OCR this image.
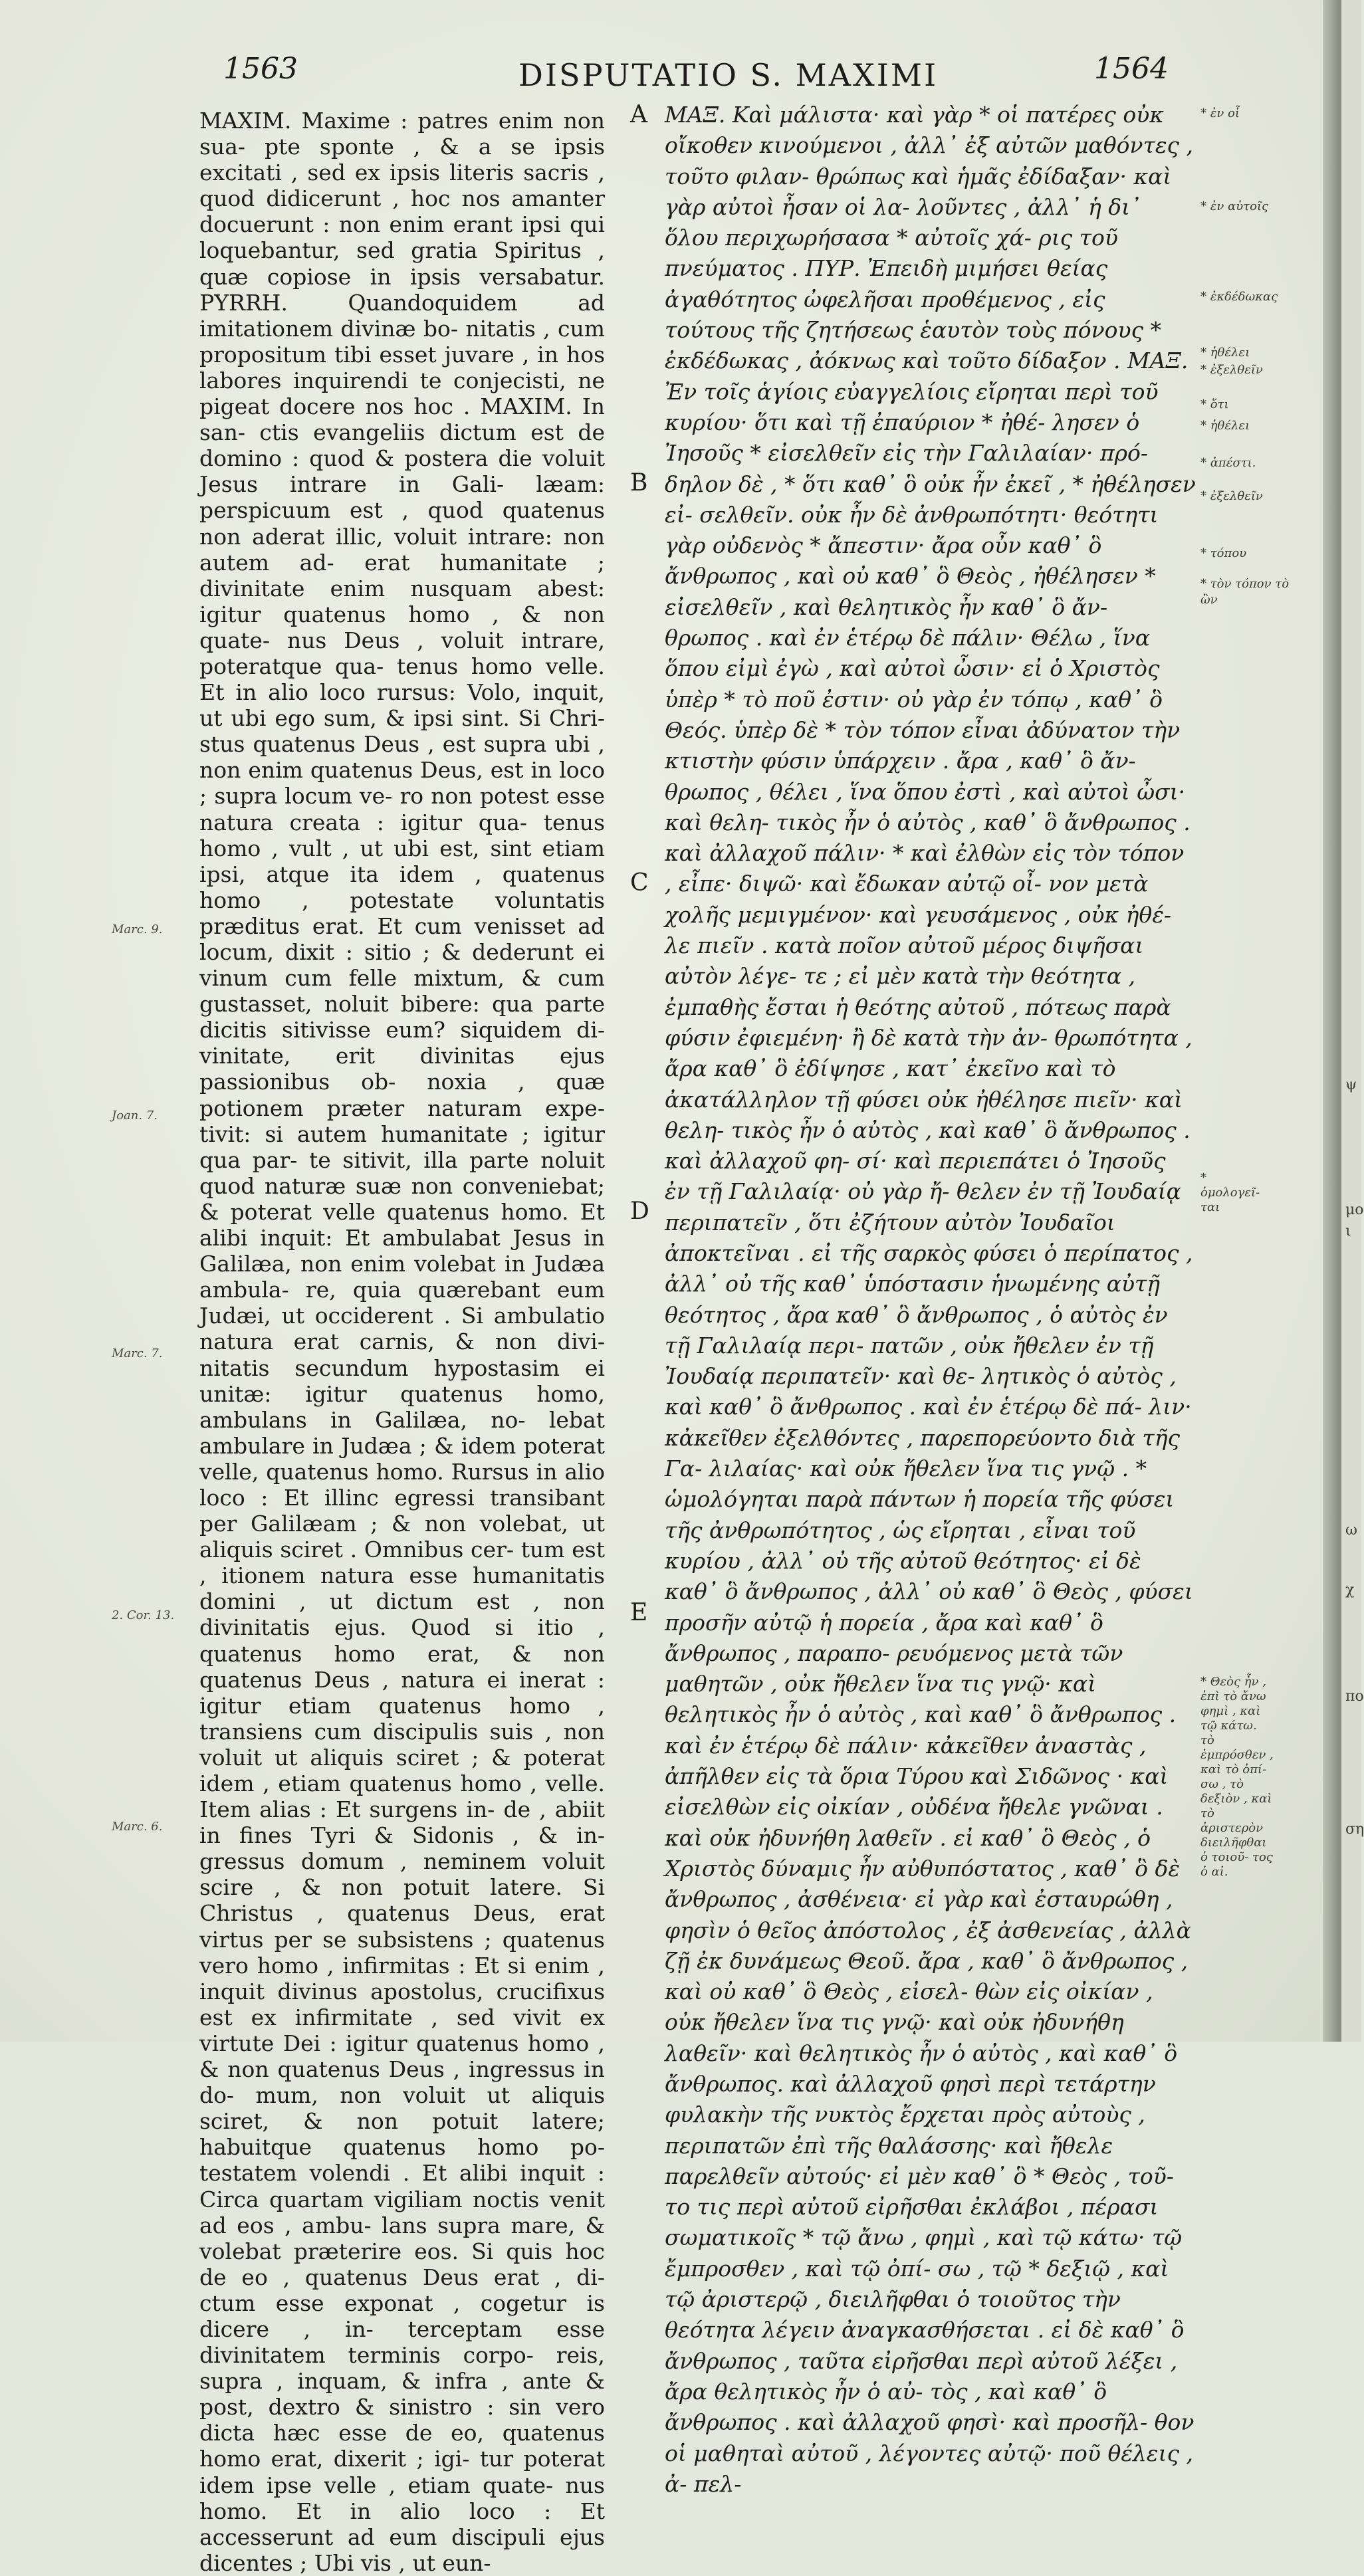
1563	DISPUTATIO S. MAXIMI	1564
Marc. 9.
Joan. 7.
Marc. 7.
2. Cor. 13.
Marc. 6.

MAXIM. Maxime : patres enim non sua- pte sponte , & a se ipsis excitati , sed ex ipsis literis sacris , quod didicerunt , hoc nos amanter docuerunt : non enim erant ipsi qui loquebantur, sed gratia Spiritus , quæ copiose in ipsis versabatur. PYRRH. Quandoquidem ad imitationem divinæ bo- nitatis , cum propositum tibi esset juvare , in hos labores inquirendi te conjecisti, ne pigeat docere nos hoc . MAXIM. In san- ctis evangeliis dictum est de domino : quod & postera die voluit Jesus intrare in Gali- læam: perspicuum est , quod quatenus non aderat illic, voluit intrare: non autem ad- erat humanitate ; divinitate enim nusquam abest: igitur quatenus homo , & non quate- nus Deus , voluit intrare, poteratque qua- tenus homo velle. Et in alio loco rursus: Volo, inquit, ut ubi ego sum, & ipsi sint. Si Chri- stus quatenus Deus , est supra ubi , non enim quatenus Deus, est in loco ; supra locum ve- ro non potest esse natura creata : igitur qua- tenus homo , vult , ut ubi est, sint etiam ipsi, atque ita idem , quatenus homo , potestate voluntatis præditus erat. Et cum venisset ad locum, dixit : sitio ; & dederunt ei vinum cum felle mixtum, & cum gustasset, noluit bibere: qua parte dicitis sitivisse eum? siquidem di- vinitate, erit divinitas ejus passionibus ob- noxia , quæ potionem præter naturam expe- tivit: si autem humanitate ; igitur qua par- te sitivit, illa parte noluit quod naturæ suæ non conveniebat; & poterat velle quatenus homo. Et alibi inquit: Et ambulabat Jesus in Galilæa, non enim volebat in Judæa ambula- re, quia quærebant eum Judæi, ut occiderent . Si ambulatio natura erat carnis, & non divi- nitatis secundum hypostasim ei unitæ: igitur quatenus homo, ambulans in Galilæa, no- lebat ambulare in Judæa ; & idem poterat velle, quatenus homo. Rursus in alio loco : Et illinc egressi transibant per Galilæam ; & non volebat, ut aliquis sciret . Omnibus cer- tum est , itionem natura esse humanitatis domini , ut dictum est , non divinitatis ejus. Quod si itio , quatenus homo erat, & non quatenus Deus , natura ei inerat : igitur etiam quatenus homo , transiens cum discipulis suis , non voluit ut aliquis sciret ; & poterat idem , etiam quatenus homo , velle. Item alias : Et surgens in- de , abiit in fines Tyri & Sidonis , & in- gressus domum , neminem voluit scire , & non potuit latere. Si Christus , quatenus Deus, erat virtus per se subsistens ; quatenus vero homo , infirmitas : Et si enim , inquit divinus apostolus, crucifixus est ex infirmitate , sed vivit ex virtute Dei : igitur quatenus homo , & non quatenus Deus , ingressus in do- mum, non voluit ut aliquis sciret, & non potuit latere; habuitque quatenus homo po- testatem volendi . Et alibi inquit : Circa quartam vigiliam noctis venit ad eos , ambu- lans supra mare, & volebat præterire eos. Si quis hoc de eo , quatenus Deus erat , di- ctum esse exponat , cogetur is dicere , in- terceptam esse divinitatem terminis corpo- reis, supra , inquam, & infra , ante & post, dextro & sinistro : sin vero dicta hæc esse de eo, quatenus homo erat, dixerit ; igi- tur poterat idem ipse velle , etiam quate- nus homo. Et in alio loco : Et accesserunt ad eum discipuli ejus dicentes ; Ubi vis , ut eun-

A
B
C
D
E

ΜΑΞ. Καὶ μάλιστα· καὶ γὰρ * οἱ πατέρες οὐκ οἴκοθεν κινούμενοι , ἀλλ᾽ ἐξ αὐτῶν μαθόντες , τοῦτο φιλαν- θρώπως καὶ ἡμᾶς ἐδίδαξαν· καὶ γὰρ αὐτοὶ ἦσαν οἱ λα- λοῦντες , ἀλλ᾽ ἡ δι᾽ ὅλου περιχωρήσασα * αὐτοῖς χά- ρις τοῦ πνεύματος . ΠΥΡ. Ἐπειδὴ μιμήσει θείας ἀγαθότητος ὠφελῆσαι προθέμενος , εἰς τούτους τῆς ζητήσεως ἑαυτὸν τοὺς πόνους * ἐκδέδωκας , ἀόκνως καὶ τοῦτο δίδαξον . ΜΑΞ. Ἐν τοῖς ἁγίοις εὐαγγελίοις εἴρηται περὶ τοῦ κυρίου· ὅτι καὶ τῇ ἐπαύριον * ἠθέ- λησεν ὁ Ἰησοῦς * εἰσελθεῖν εἰς τὴν Γαλιλαίαν· πρό- δηλον δὲ , * ὅτι καθ᾽ ὃ οὐκ ἦν ἐκεῖ , * ἠθέλησεν εἰ- σελθεῖν. οὐκ ἦν δὲ ἀνθρωπότητι· θεότητι γὰρ οὐδενὸς * ἄπεστιν· ἄρα οὖν καθ᾽ ὃ ἄνθρωπος , καὶ οὐ καθ᾽ ὃ Θεὸς , ἠθέλησεν * εἰσελθεῖν , καὶ θελητικὸς ἦν καθ᾽ ὃ ἄν- θρωπος . καὶ ἐν ἑτέρῳ δὲ πάλιν· Θέλω , ἵνα ὅπου εἰμὶ ἐγὼ , καὶ αὐτοὶ ὦσιν· εἰ ὁ Χριστὸς ὑπὲρ * τὸ ποῦ ἐστιν· οὐ γὰρ ἐν τόπῳ , καθ᾽ ὃ Θεός. ὑπὲρ δὲ * τὸν τόπον εἶναι ἀδύνατον τὴν κτιστὴν φύσιν ὑπάρχειν . ἄρα , καθ᾽ ὃ ἄν- θρωπος , θέλει , ἵνα ὅπου ἐστὶ , καὶ αὐτοὶ ὦσι· καὶ θελη- τικὸς ἦν ὁ αὐτὸς , καθ᾽ ὃ ἄνθρωπος . καὶ ἀλλαχοῦ πάλιν· * καὶ ἐλθὼν εἰς τὸν τόπον , εἶπε· διψῶ· καὶ ἔδωκαν αὐτῷ οἶ- νον μετὰ χολῆς μεμιγμένον· καὶ γευσάμενος , οὐκ ἠθέ- λε πιεῖν . κατὰ ποῖον αὐτοῦ μέρος διψῆσαι αὐτὸν λέγε- τε ; εἰ μὲν κατὰ τὴν θεότητα , ἐμπαθὴς ἔσται ἡ θεότης αὐτοῦ , πότεως παρὰ φύσιν ἐφιεμένη· ἢ δὲ κατὰ τὴν ἀν- θρωπότητα , ἄρα καθ᾽ ὃ ἐδίψησε , κατ᾽ ἐκεῖνο καὶ τὸ ἀκατάλληλον τῇ φύσει οὐκ ἠθέλησε πιεῖν· καὶ θελη- τικὸς ἦν ὁ αὐτὸς , καὶ καθ᾽ ὃ ἄνθρωπος . καὶ ἀλλαχοῦ φη- σί· καὶ περιεπάτει ὁ Ἰησοῦς ἐν τῇ Γαλιλαίᾳ· οὐ γὰρ ἤ- θελεν ἐν τῇ Ἰουδαίᾳ περιπατεῖν , ὅτι ἐζήτουν αὐτὸν Ἰουδαῖοι ἀποκτεῖναι . εἰ τῆς σαρκὸς φύσει ὁ περίπατος , ἀλλ᾽ οὐ τῆς καθ᾽ ὑπόστασιν ἡνωμένης αὐτῇ θεότητος , ἄρα καθ᾽ ὃ ἄνθρωπος , ὁ αὐτὸς ἐν τῇ Γαλιλαίᾳ περι- πατῶν , οὐκ ἤθελεν ἐν τῇ Ἰουδαίᾳ περιπατεῖν· καὶ θε- λητικὸς ὁ αὐτὸς , καὶ καθ᾽ ὃ ἄνθρωπος . καὶ ἐν ἑτέρῳ δὲ πά- λιν· κἀκεῖθεν ἐξελθόντες , παρεπορεύοντο διὰ τῆς Γα- λιλαίας· καὶ οὐκ ἤθελεν ἵνα τις γνῷ . * ὡμολόγηται παρὰ πάντων ἡ πορεία τῆς φύσει τῆς ἀνθρωπότητος , ὡς εἴρηται , εἶναι τοῦ κυρίου , ἀλλ᾽ οὐ τῆς αὐτοῦ θεότητος· εἰ δὲ καθ᾽ ὃ ἄνθρωπος , ἀλλ᾽ οὐ καθ᾽ ὃ Θεὸς , φύσει προσῆν αὐτῷ ἡ πορεία , ἄρα καὶ καθ᾽ ὃ ἄνθρωπος , παραπο- ρευόμενος μετὰ τῶν μαθητῶν , οὐκ ἤθελεν ἵνα τις γνῷ· καὶ θελητικὸς ἦν ὁ αὐτὸς , καὶ καθ᾽ ὃ ἄνθρωπος . καὶ ἐν ἑτέρῳ δὲ πάλιν· κἀκεῖθεν ἀναστὰς , ἀπῆλθεν εἰς τὰ ὅρια Τύρου καὶ Σιδῶνος · καὶ εἰσελθὼν εἰς οἰκίαν , οὐδένα ἤθελε γνῶναι . καὶ οὐκ ἠδυνήθη λαθεῖν . εἰ καθ᾽ ὃ Θεὸς , ὁ Χριστὸς δύναμις ἦν αὐθυπόστατος , καθ᾽ ὃ δὲ ἄνθρωπος , ἀσθένεια· εἰ γὰρ καὶ ἐσταυρώθη , φησὶν ὁ θεῖος ἀπόστολος , ἐξ ἀσθενείας , ἀλλὰ ζῇ ἐκ δυνάμεως Θεοῦ. ἄρα , καθ᾽ ὃ ἄνθρωπος , καὶ οὐ καθ᾽ ὃ Θεὸς , εἰσελ- θὼν εἰς οἰκίαν , οὐκ ἤθελεν ἵνα τις γνῷ· καὶ οὐκ ἠδυνήθη λαθεῖν· καὶ θελητικὸς ἦν ὁ αὐτὸς , καὶ καθ᾽ ὃ ἄνθρωπος. καὶ ἀλλαχοῦ φησὶ περὶ τετάρτην φυλακὴν τῆς νυκτὸς ἔρχεται πρὸς αὐτοὺς , περιπατῶν ἐπὶ τῆς θαλάσσης· καὶ ἤθελε παρελθεῖν αὐτούς· εἰ μὲν καθ᾽ ὃ * Θεὸς , τοῦ- το τις περὶ αὐτοῦ εἰρῆσθαι ἐκλάβοι , πέρασι σωματικοῖς * τῷ ἄνω , φημὶ , καὶ τῷ κάτω· τῷ ἔμπροσθεν , καὶ τῷ ὀπί- σω , τῷ * δεξιῷ , καὶ τῷ ἀριστερῷ , διειλῆφθαι ὁ τοιοῦτος τὴν θεότητα λέγειν ἀναγκασθήσεται . εἰ δὲ καθ᾽ ὃ ἄνθρωπος , ταῦτα εἰρῆσθαι περὶ αὐτοῦ λέξει , ἄρα θελητικὸς ἦν ὁ αὐ- τὸς , καὶ καθ᾽ ὃ ἄνθρωπος . καὶ ἀλλαχοῦ φησὶ· καὶ προσῆλ- θον οἱ μαθηταὶ αὐτοῦ , λέγοντες αὐτῷ· ποῦ θέλεις , ἀ- πελ-

* ἐν οἷ
* ἐν αὐτοῖς
* ἐκδέδωκας
* ἠθέλει
* ἐξελθεῖν
* ὅτι
* ἠθέλει
* ἀπέστι.
* ἐξελθεῖν
* τόπου
* τὸν τόπον τὸ
ὢν
* ὁμολογεῖ- ται
* Θεὸς ἦν , ἐπὶ τὸ ἄνω φημὶ , καὶ τῷ κάτω. τὸ ἐμπρόσθεν , καὶ τὸ ὀπί- σω , τὸ δεξιὸν , καὶ τὸ ἀριστερὸν διειλῆφθαι ὁ τοιοῦ- τος ὁ αἱ.
ψ
μο
ι
ω
χ
πο
ση
